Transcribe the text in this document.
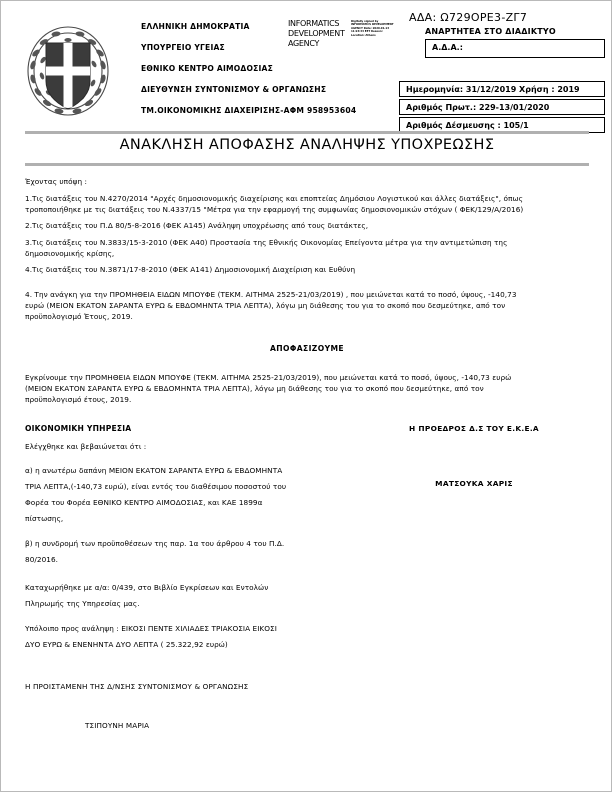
ΕΛΛΗΝΙΚΗ ΔΗΜΟΚΡΑΤΙΑ
ΥΠΟΥΡΓΕΙΟ ΥΓΕΙΑΣ
ΕΘΝΙΚΟ ΚΕΝΤΡΟ ΑΙΜΟΔΟΣΙΑΣ
ΔΙΕΥΘΥΝΣΗ ΣΥΝΤΟΝΙΣΜΟΥ & ΟΡΓΑΝΩΣΗΣ
ΤΜ.ΟΙΚΟΝΟΜΙΚΗΣ ΔΙΑΧΕΙΡΙΣΗΣ-ΑΦΜ 958953604
INFORMATICS DEVELOPMENT AGENCY
Digitally signed by INFORMATICS DEVELOPMENT AGENCY Date: 2020.01.13 11:24:33 EET Reason: Location: Athens
ΑΔΑ: Ω729ΟΡΕ3-ΖΓ7
ΑΝΑΡΤΗΤΕΑ ΣΤΟ ΔΙΑΔΙΚΤΥΟ
Α.Δ.Α.:
Ημερομηνία: 31/12/2019 Χρήση : 2019
Αριθμός Πρωτ.: 229-13/01/2020
Αριθμός Δέσμευσης : 105/1
ΑΝΑΚΛΗΣΗ ΑΠΟΦΑΣΗΣ ΑΝΑΛΗΨΗΣ ΥΠΟΧΡΕΩΣΗΣ

Έχοντας υπόψη :

1.Τις διατάξεις του Ν.4270/2014 "Αρχές δημοσιονομικής διαχείρισης και εποπτείας Δημόσιου Λογιστικού και άλλες διατάξεις", όπως

τροποποιήθηκε με τις διατάξεις του Ν.4337/15 "Μέτρα για την εφαρμογή της συμφωνίας δημοσιονομικών στόχων ( ΦΕΚ/129/Α/2016)

2.Τις διατάξεις του Π.Δ 80/5-8-2016 (ΦΕΚ Α145) Ανάληψη υποχρέωσης από τους διατάκτες,

3.Τις διατάξεις του Ν.3833/15-3-2010 (ΦΕΚ Α40) Προστασία της Εθνικής Οικονομίας Επείγοντα μέτρα για την αντιμετώπιση της

δημοσιονομικής κρίσης,

4.Τις διατάξεις του Ν.3871/17-8-2010 (ΦΕΚ Α141) Δημοσιονομική Διαχείριση και Ευθύνη

4. Την ανάγκη για την ΠΡΟΜΗΘΕΙΑ ΕΙΔΩΝ ΜΠΟΥΦΕ (ΤΕΚΜ. ΑΙΤΗΜΑ 2525-21/03/2019) , που μειώνεται κατά το ποσό, ύψους, -140,73

ευρώ (ΜΕΙΟΝ ΕΚΑΤΟΝ ΣΑΡΑΝΤΑ ΕΥΡΩ & ΕΒΔΟΜΗΝΤΑ ΤΡΙΑ ΛΕΠΤΑ), λόγω μη διάθεσης του για το σκοπό που δεσμεύτηκε, από τον

προϋπολογισμό Έτους, 2019.

ΑΠΟΦΑΣΙΖΟΥΜΕ

Εγκρίνουμε την ΠΡΟΜΗΘΕΙΑ ΕΙΔΩΝ ΜΠΟΥΦΕ (ΤΕΚΜ. ΑΙΤΗΜΑ 2525-21/03/2019), που μειώνεται κατά το ποσό, ύψους, -140,73 ευρώ

(ΜΕΙΟΝ ΕΚΑΤΟΝ ΣΑΡΑΝΤΑ ΕΥΡΩ & ΕΒΔΟΜΗΝΤΑ ΤΡΙΑ ΛΕΠΤΑ), λόγω μη διάθεσης του για το σκοπό που δεσμεύτηκε, από τον

προϋπολογισμό έτους, 2019.

Η ΠΡΟΕΔΡΟΣ Δ.Σ ΤΟΥ Ε.Κ.Ε.Α

ΜΑΤΣΟΥΚΑ ΧΑΡΙΣ

ΟΙΚΟΝΟΜΙΚΗ ΥΠΗΡΕΣΙΑ

Ελέγχθηκε και βεβαιώνεται ότι :

α) η ανωτέρω δαπάνη ΜΕΙΟΝ ΕΚΑΤΟΝ ΣΑΡΑΝΤΑ ΕΥΡΩ & ΕΒΔΟΜΗΝΤΑ

ΤΡΙΑ ΛΕΠΤΑ,(-140,73 ευρώ), είναι εντός του διαθέσιμου ποσοστού του

Φορέα του Φορέα ΕΘΝΙΚΟ ΚΕΝΤΡΟ ΑΙΜΟΔΟΣΙΑΣ, και ΚΑΕ 1899α

πίστωσης,

β) η συνδρομή των προϋποθέσεων της παρ. 1α του άρθρου 4 του Π.Δ.

80/2016.

Καταχωρήθηκε με α/α: 0/439, στο Βιβλίο Εγκρίσεων και Εντολών

Πληρωμής της Υπηρεσίας μας.

Υπόλοιπο προς ανάληψη : ΕΙΚΟΣΙ ΠΕΝΤΕ ΧΙΛΙΑΔΕΣ ΤΡΙΑΚΟΣΙΑ ΕΙΚΟΣΙ

ΔΥΟ ΕΥΡΩ & ΕΝΕΝΗΝΤΑ ΔΥΟ ΛΕΠΤΑ ( 25.322,92 ευρώ)

Η ΠΡΟΙΣΤΑΜΕΝΗ ΤΗΣ Δ/ΝΣΗΣ ΣΥΝΤΟΝΙΣΜΟΥ & ΟΡΓΑΝΩΣΗΣ

ΤΣΙΠΟΥΝΗ ΜΑΡΙΑ
